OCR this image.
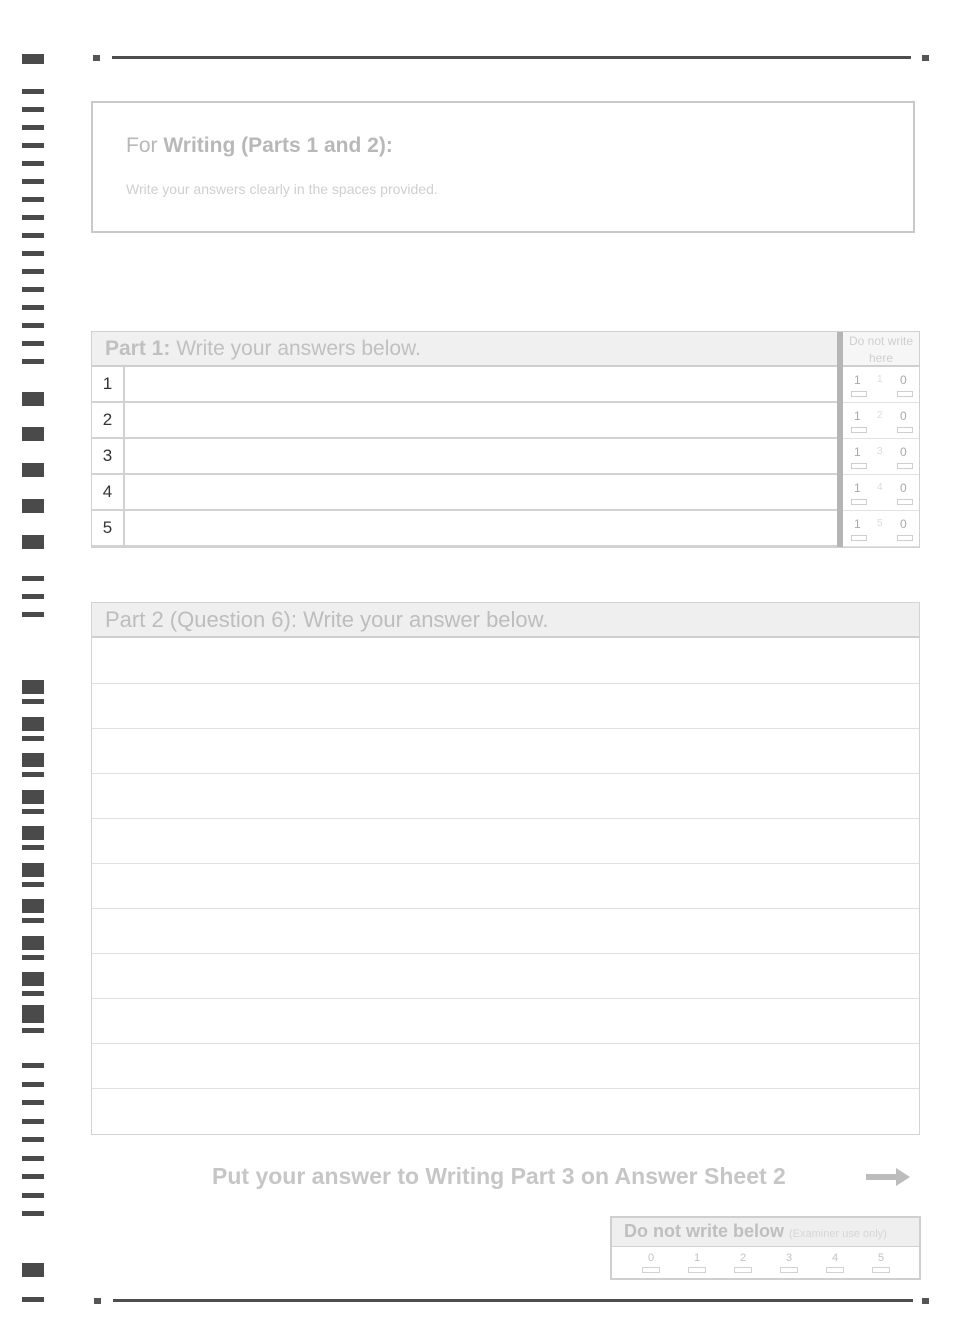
For Writing (Parts 1 and 2):
Write your answers clearly in the spaces provided.
Part 1: Write your answers below.	Do not write here
1	1 1 0
2	1 2 0
3	1 3 0
4	1 4 0
5	1 5 0
Part 2 (Question 6): Write your answer below.
Put your answer to Writing Part 3 on Answer Sheet 2
Do not write below (Examiner use only)
0	1	2	3	4	5
